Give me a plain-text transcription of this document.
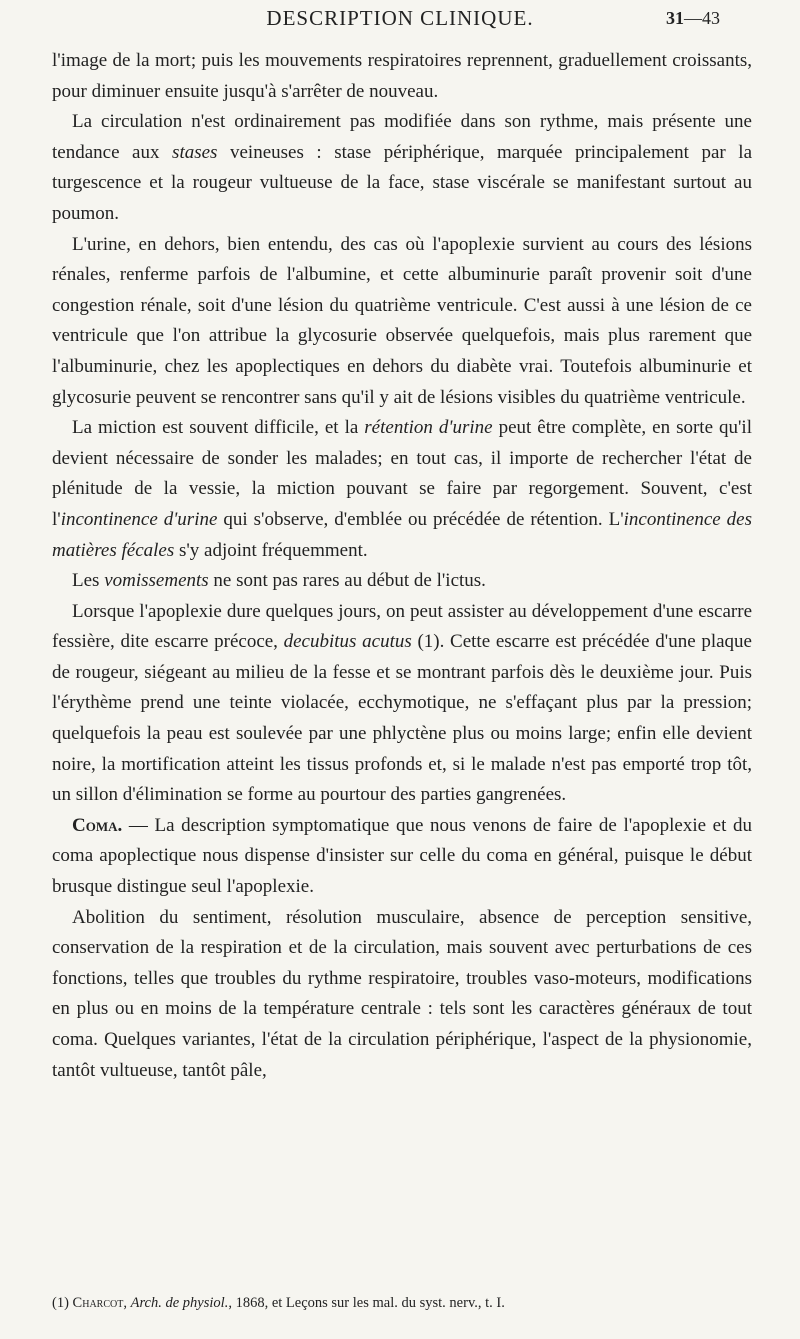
DESCRIPTION CLINIQUE.	31—43

l'image de la mort; puis les mouvements respiratoires reprennent, graduellement croissants, pour diminuer ensuite jusqu'à s'arrêter de nouveau.

La circulation n'est ordinairement pas modifiée dans son rythme, mais présente une tendance aux stases veineuses : stase périphérique, marquée principalement par la turgescence et la rougeur vultueuse de la face, stase viscérale se manifestant surtout au poumon.

L'urine, en dehors, bien entendu, des cas où l'apoplexie survient au cours des lésions rénales, renferme parfois de l'albumine, et cette albuminurie paraît provenir soit d'une congestion rénale, soit d'une lésion du quatrième ventricule. C'est aussi à une lésion de ce ventricule que l'on attribue la glycosurie observée quelquefois, mais plus rarement que l'albuminurie, chez les apoplectiques en dehors du diabète vrai. Toutefois albuminurie et glycosurie peuvent se rencontrer sans qu'il y ait de lésions visibles du quatrième ventricule.

La miction est souvent difficile, et la rétention d'urine peut être complète, en sorte qu'il devient nécessaire de sonder les malades; en tout cas, il importe de rechercher l'état de plénitude de la vessie, la miction pouvant se faire par regorgement. Souvent, c'est l'incontinence d'urine qui s'observe, d'emblée ou précédée de rétention. L'incontinence des matières fécales s'y adjoint fréquemment.

Les vomissements ne sont pas rares au début de l'ictus.

Lorsque l'apoplexie dure quelques jours, on peut assister au développement d'une escarre fessière, dite escarre précoce, decubitus acutus (1). Cette escarre est précédée d'une plaque de rougeur, siégeant au milieu de la fesse et se montrant parfois dès le deuxième jour. Puis l'érythème prend une teinte violacée, ecchymotique, ne s'effaçant plus par la pression; quelquefois la peau est soulevée par une phlyctène plus ou moins large; enfin elle devient noire, la mortification atteint les tissus profonds et, si le malade n'est pas emporté trop tôt, un sillon d'élimination se forme au pourtour des parties gangrenées.

Coma. — La description symptomatique que nous venons de faire de l'apoplexie et du coma apoplectique nous dispense d'insister sur celle du coma en général, puisque le début brusque distingue seul l'apoplexie.

Abolition du sentiment, résolution musculaire, absence de perception sensitive, conservation de la respiration et de la circulation, mais souvent avec perturbations de ces fonctions, telles que troubles du rythme respiratoire, troubles vaso-moteurs, modifications en plus ou en moins de la température centrale : tels sont les caractères généraux de tout coma. Quelques variantes, l'état de la circulation périphérique, l'aspect de la physionomie, tantôt vultueuse, tantôt pâle,

(1) Charcot, Arch. de physiol., 1868, et Leçons sur les mal. du syst. nerv., t. I.
